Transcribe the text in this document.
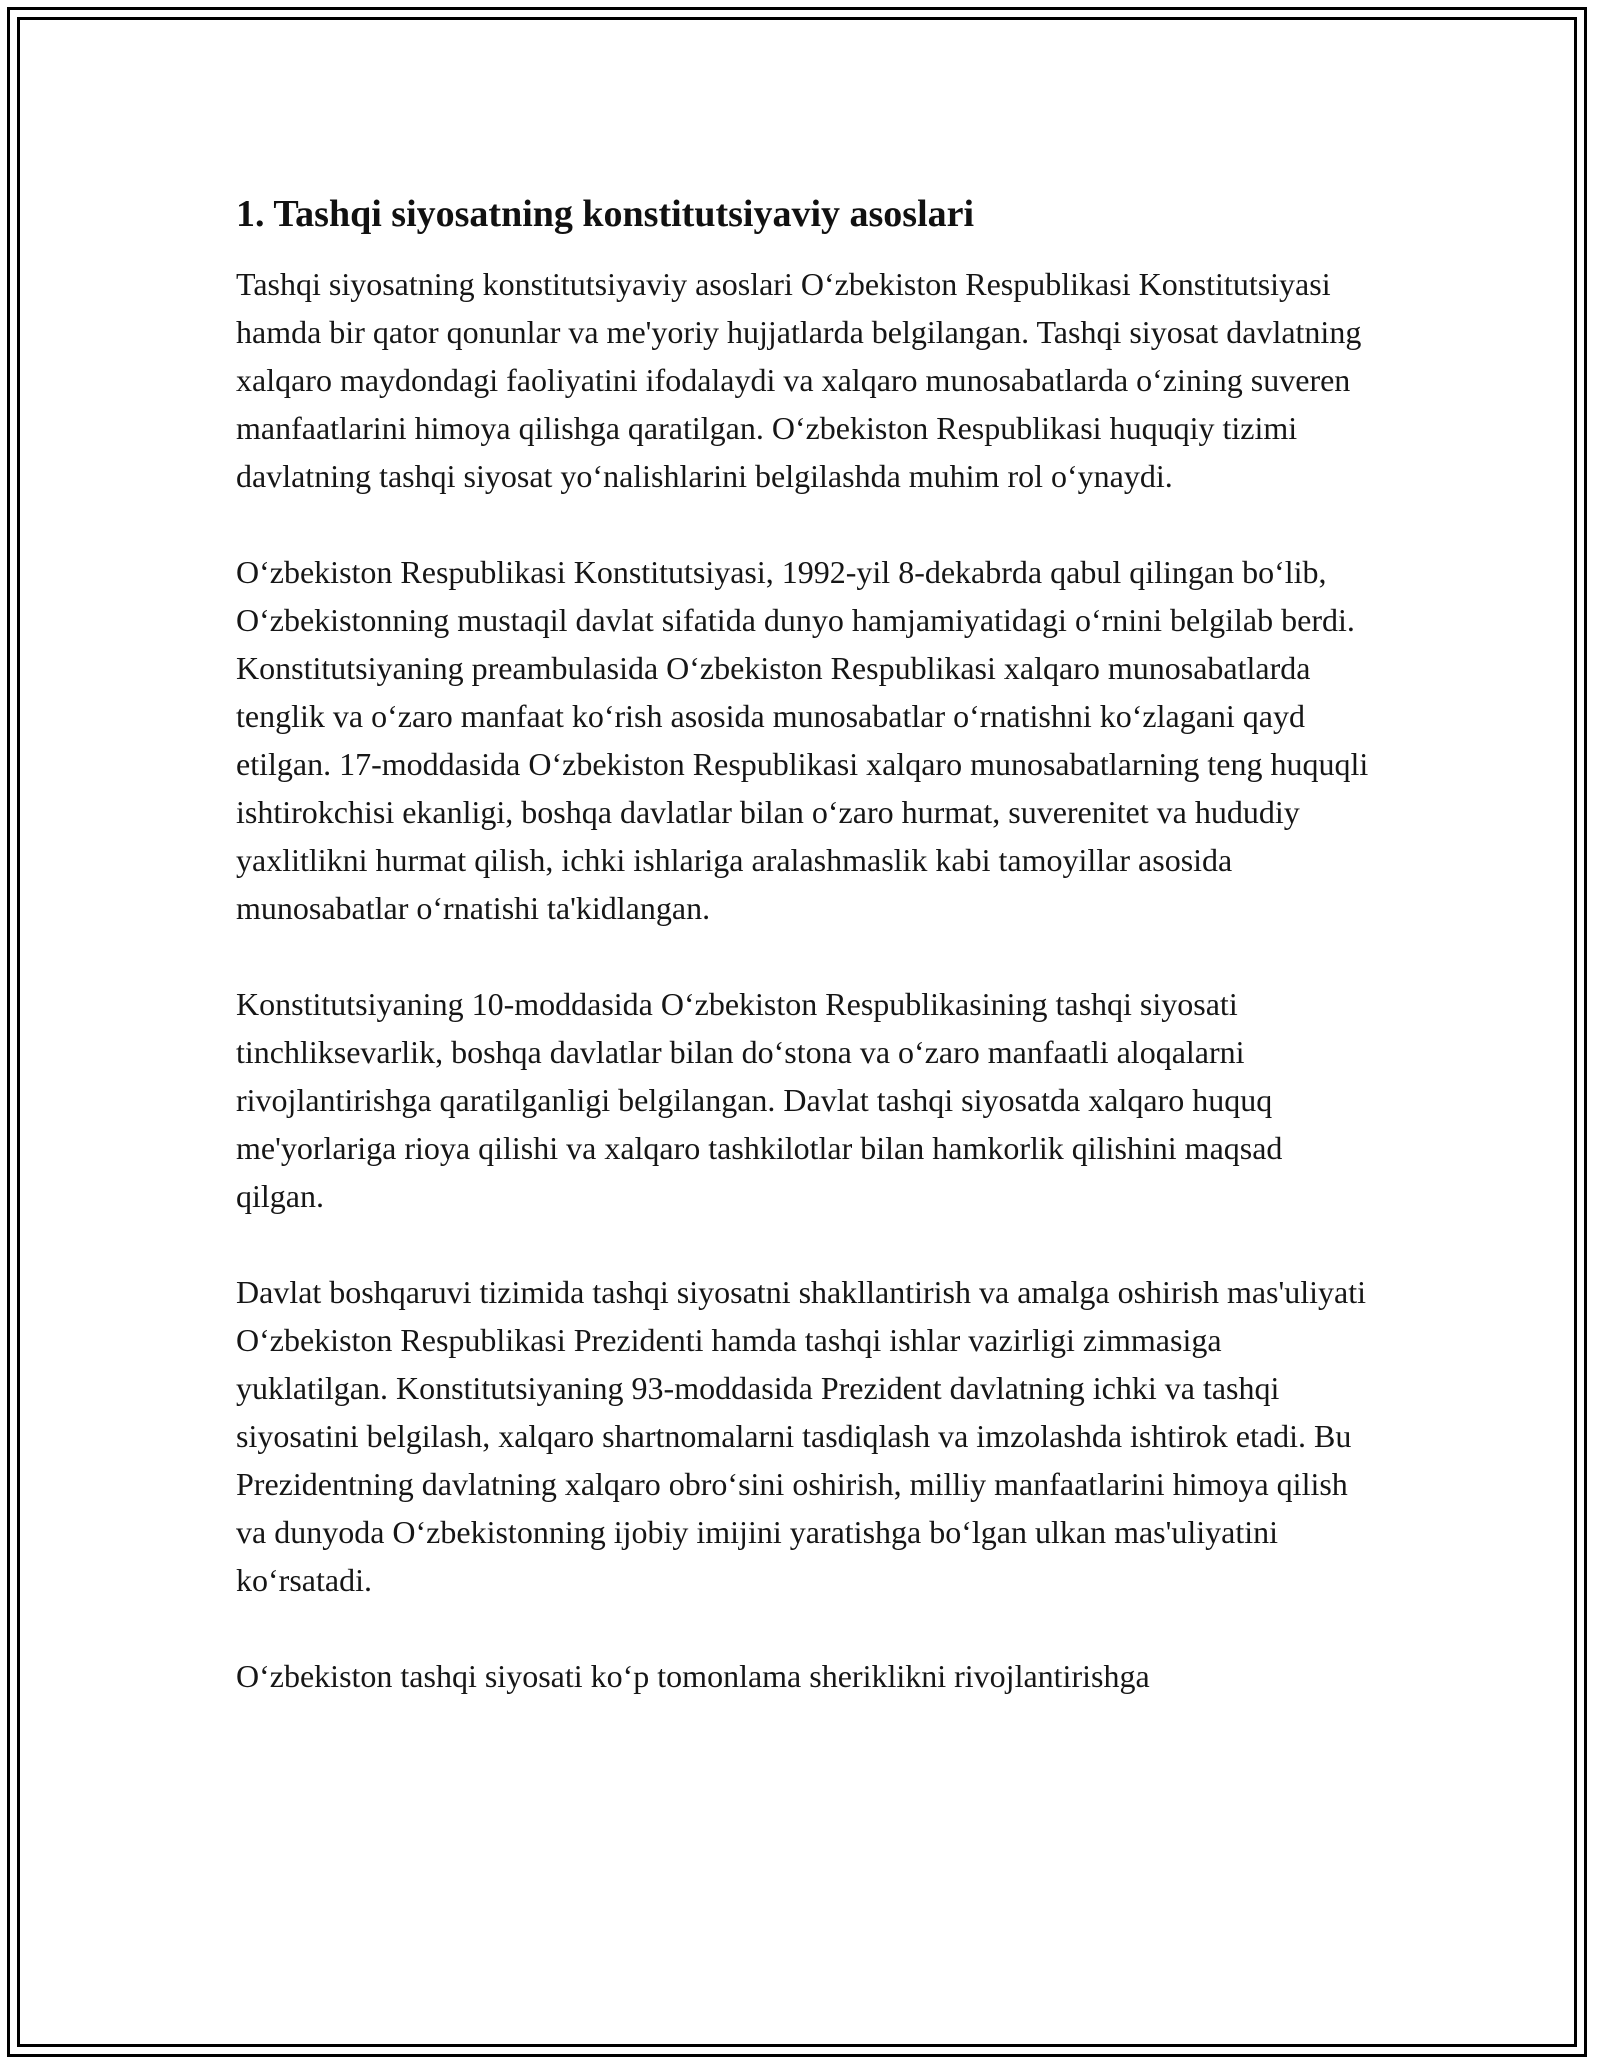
1. Tashqi siyosatning konstitutsiyaviy asoslari

Tashqi siyosatning konstitutsiyaviy asoslari O‘zbekiston Respublikasi Konstitutsiyasi hamda bir qator qonunlar va me'yoriy hujjatlarda belgilangan. Tashqi siyosat davlatning xalqaro maydondagi faoliyatini ifodalaydi va xalqaro munosabatlarda o‘zining suveren manfaatlarini himoya qilishga qaratilgan. O‘zbekiston Respublikasi huquqiy tizimi davlatning tashqi siyosat yo‘nalishlarini belgilashda muhim rol o‘ynaydi.

O‘zbekiston Respublikasi Konstitutsiyasi, 1992-yil 8-dekabrda qabul qilingan bo‘lib, O‘zbekistonning mustaqil davlat sifatida dunyo hamjamiyatidagi o‘rnini belgilab berdi. Konstitutsiyaning preambulasida O‘zbekiston Respublikasi xalqaro munosabatlarda tenglik va o‘zaro manfaat ko‘rish asosida munosabatlar o‘rnatishni ko‘zlagani qayd etilgan. 17-moddasida O‘zbekiston Respublikasi xalqaro munosabatlarning teng huquqli ishtirokchisi ekanligi, boshqa davlatlar bilan o‘zaro hurmat, suverenitet va hududiy yaxlitlikni hurmat qilish, ichki ishlariga aralashmaslik kabi tamoyillar asosida munosabatlar o‘rnatishi ta'kidlangan.

Konstitutsiyaning 10-moddasida O‘zbekiston Respublikasining tashqi siyosati tinchliksevarlik, boshqa davlatlar bilan do‘stona va o‘zaro manfaatli aloqalarni rivojlantirishga qaratilganligi belgilangan. Davlat tashqi siyosatda xalqaro huquq me'yorlariga rioya qilishi va xalqaro tashkilotlar bilan hamkorlik qilishini maqsad qilgan.

Davlat boshqaruvi tizimida tashqi siyosatni shakllantirish va amalga oshirish mas'uliyati O‘zbekiston Respublikasi Prezidenti hamda tashqi ishlar vazirligi zimmasiga yuklatilgan. Konstitutsiyaning 93-moddasida Prezident davlatning ichki va tashqi siyosatini belgilash, xalqaro shartnomalarni tasdiqlash va imzolashda ishtirok etadi. Bu Prezidentning davlatning xalqaro obro‘sini oshirish, milliy manfaatlarini himoya qilish va dunyoda O‘zbekistonning ijobiy imijini yaratishga bo‘lgan ulkan mas'uliyatini ko‘rsatadi.

O‘zbekiston tashqi siyosati ko‘p tomonlama sheriklikni rivojlantirishga
